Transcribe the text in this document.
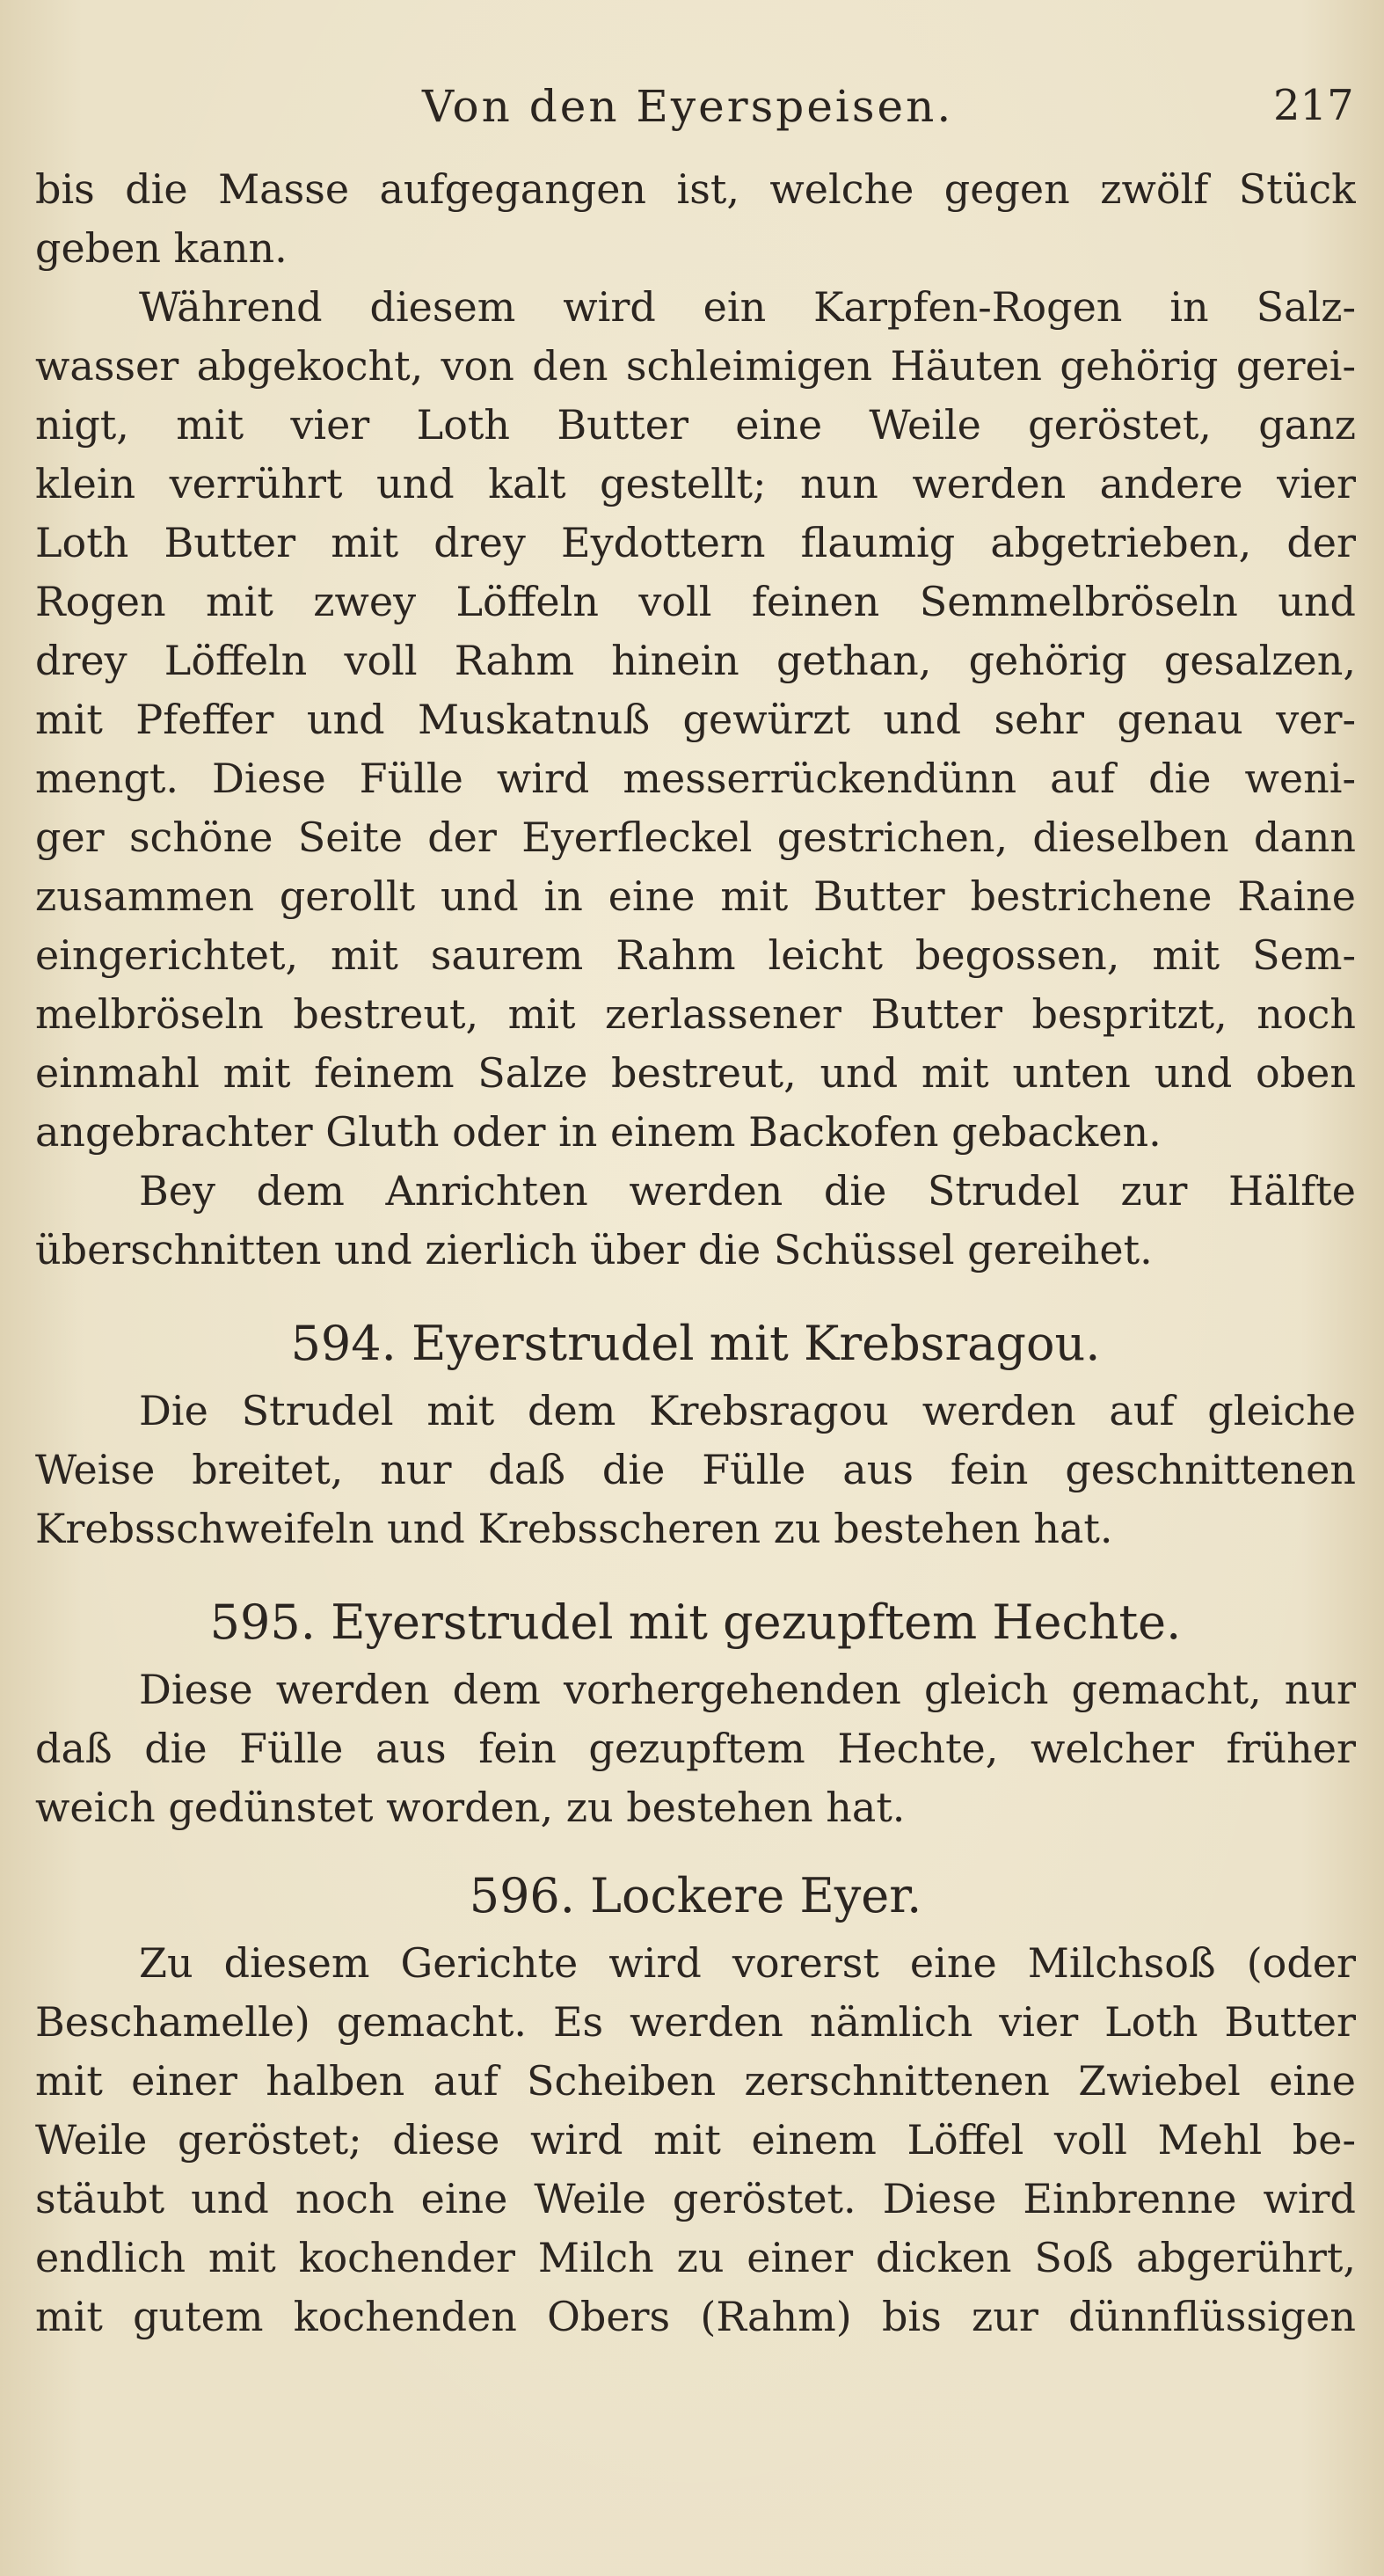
Von den Eyerspeisen.	217
bis die Masse aufgegangen ist, welche gegen zwölf Stück
geben kann.
Während diesem wird ein Karpfen-Rogen in Salz-
wasser abgekocht, von den schleimigen Häuten gehörig gerei-
nigt, mit vier Loth Butter eine Weile geröstet, ganz
klein verrührt und kalt gestellt; nun werden andere vier
Loth Butter mit drey Eydottern flaumig abgetrieben, der
Rogen mit zwey Löffeln voll feinen Semmelbröseln und
drey Löffeln voll Rahm hinein gethan, gehörig gesalzen,
mit Pfeffer und Muskatnuß gewürzt und sehr genau ver-
mengt. Diese Fülle wird messerrückendünn auf die weni-
ger schöne Seite der Eyerfleckel gestrichen, dieselben dann
zusammen gerollt und in eine mit Butter bestrichene Raine
eingerichtet, mit saurem Rahm leicht begossen, mit Sem-
melbröseln bestreut, mit zerlassener Butter bespritzt, noch
einmahl mit feinem Salze bestreut, und mit unten und oben
angebrachter Gluth oder in einem Backofen gebacken.
Bey dem Anrichten werden die Strudel zur Hälfte
überschnitten und zierlich über die Schüssel gereihet.
594. Eyerstrudel mit Krebsragou.
Die Strudel mit dem Krebsragou werden auf gleiche
Weise breitet, nur daß die Fülle aus fein geschnittenen
Krebsschweifeln und Krebsscheren zu bestehen hat.
595. Eyerstrudel mit gezupftem Hechte.
Diese werden dem vorhergehenden gleich gemacht, nur
daß die Fülle aus fein gezupftem Hechte, welcher früher
weich gedünstet worden, zu bestehen hat.
596. Lockere Eyer.
Zu diesem Gerichte wird vorerst eine Milchsoß (oder
Beschamelle) gemacht. Es werden nämlich vier Loth Butter
mit einer halben auf Scheiben zerschnittenen Zwiebel eine
Weile geröstet; diese wird mit einem Löffel voll Mehl be-
stäubt und noch eine Weile geröstet. Diese Einbrenne wird
endlich mit kochender Milch zu einer dicken Soß abgerührt,
mit gutem kochenden Obers (Rahm) bis zur dünnflüssigen
